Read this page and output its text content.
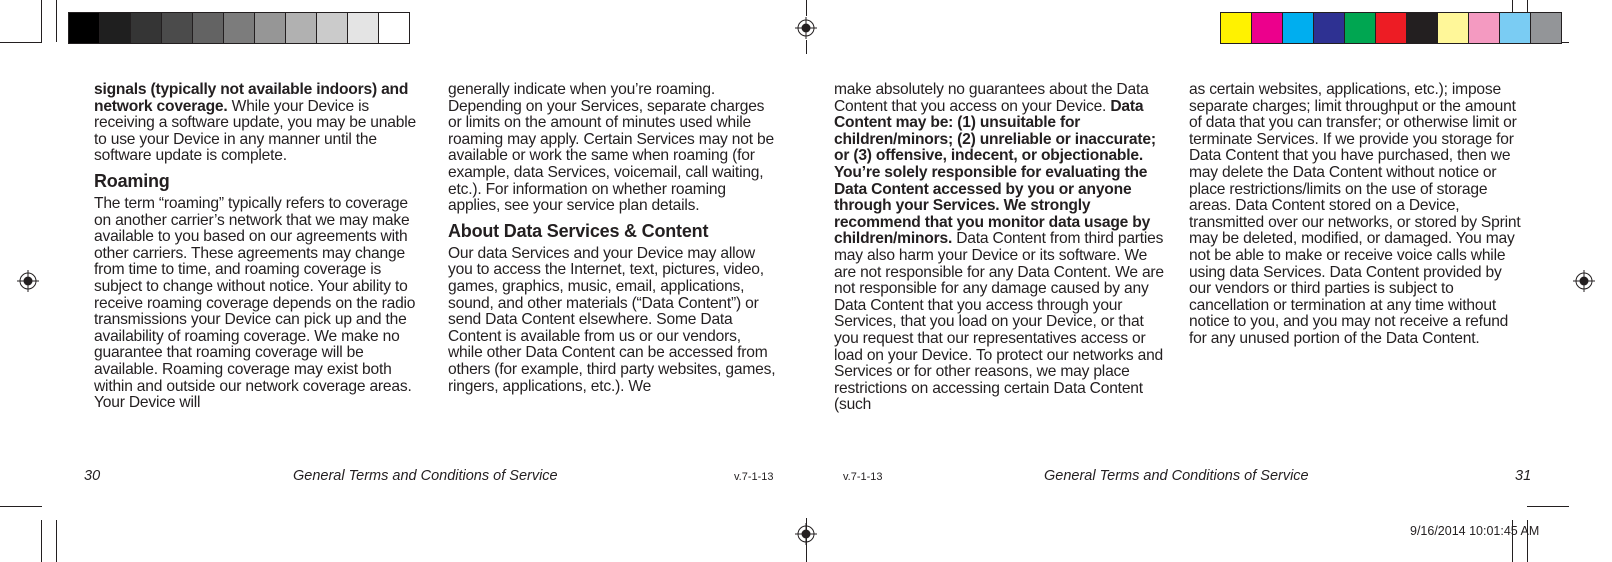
signals (typically not available indoors) and network coverage. While your Device is receiving a software update, you may be unable to use your Device in any manner until the software update is complete.

Roaming

The term “roaming” typically refers to coverage on another carrier’s network that we may make available to you based on our agreements with other carriers. These agreements may change from time to time, and roaming coverage is subject to change without notice. Your ability to receive roaming coverage depends on the radio transmissions your Device can pick up and the availability of roaming coverage. We make no guarantee that roaming coverage will be available. Roaming coverage may exist both within and outside our network coverage areas. Your Device will

generally indicate when you’re roaming. Depending on your Services, separate charges or limits on the amount of minutes used while roaming may apply. Certain Services may not be available or work the same when roaming (for example, data Services, voicemail, call waiting, etc.). For information on whether roaming applies, see your service plan details.

About Data Services & Content

Our data Services and your Device may allow you to access the Internet, text, pictures, video, games, graphics, music, email, applications, sound, and other materials (“Data Content”) or send Data Content elsewhere. Some Data Content is available from us or our vendors, while other Data Content can be accessed from others (for example, third party websites, games, ringers, applications, etc.). We

30	General Terms and Conditions of Service	v.7-1-13

make absolutely no guarantees about the Data Content that you access on your Device. Data Content may be: (1) unsuitable for children/minors; (2) unreliable or inaccurate; or (3) offensive, indecent, or objectionable. You’re solely responsible for evaluating the Data Content accessed by you or anyone through your Services. We strongly recommend that you monitor data usage by children/minors. Data Content from third parties may also harm your Device or its software. We are not responsible for any Data Content. We are not responsible for any damage caused by any Data Content that you access through your Services, that you load on your Device, or that you request that our representatives access or load on your Device. To protect our networks and Services or for other reasons, we may place restrictions on accessing certain Data Content (such

as certain websites, applications, etc.); impose separate charges; limit throughput or the amount of data that you can transfer; or otherwise limit or terminate Services. If we provide you storage for Data Content that you have purchased, then we may delete the Data Content without notice or place restrictions/limits on the use of storage areas. Data Content stored on a Device, transmitted over our networks, or stored by Sprint may be deleted, modified, or damaged. You may not be able to make or receive voice calls while using data Services. Data Content provided by our vendors or third parties is subject to cancellation or termination at any time without notice to you, and you may not receive a refund for any unused portion of the Data Content.

v.7-1-13	General Terms and Conditions of Service	31
9/16/2014 10:01:45 AM
